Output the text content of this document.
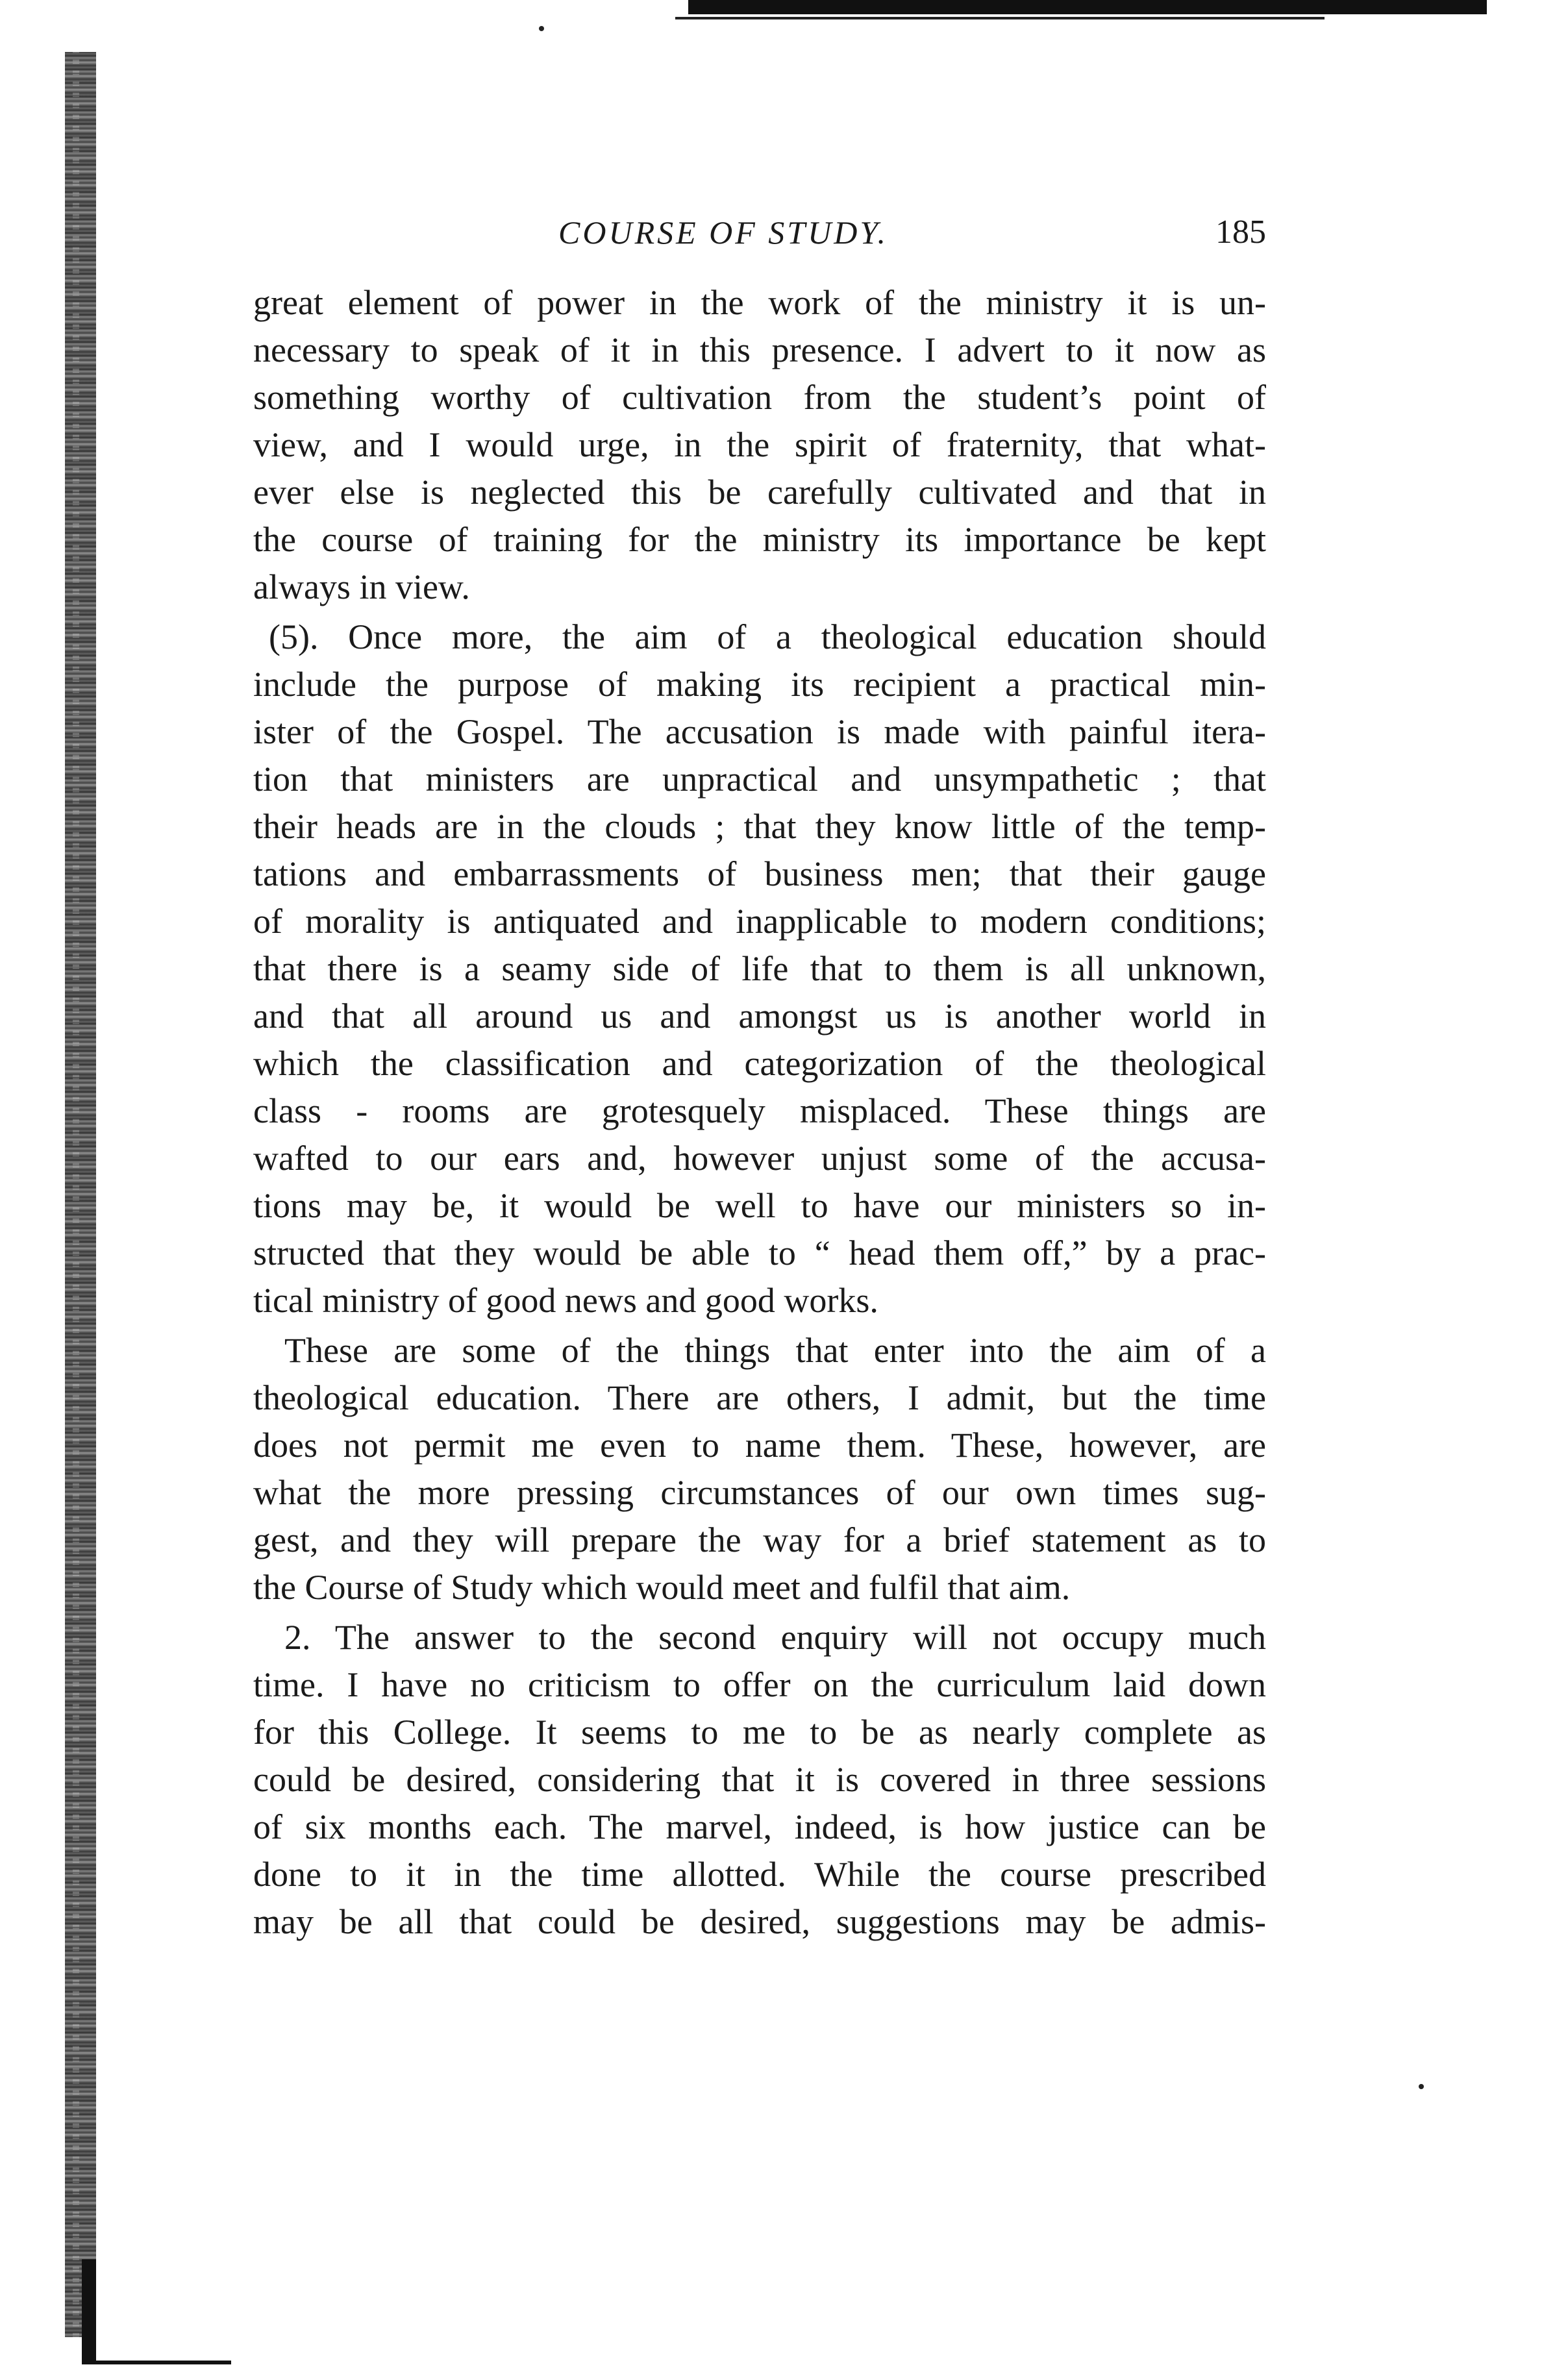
COURSE OF STUDY.	185
great element of power in the work of the ministry it is un-
necessary to speak of it in this presence. I advert to it now as
something worthy of cultivation from the student’s point of
view, and I would urge, in the spirit of fraternity, that what-
ever else is neglected this be carefully cultivated and that in
the course of training for the ministry its importance be kept
always in view.
(5). Once more, the aim of a theological education should
include the purpose of making its recipient a practical min-
ister of the Gospel. The accusation is made with painful itera-
tion that ministers are unpractical and unsympathetic ; that
their heads are in the clouds ; that they know little of the temp-
tations and embarrassments of business men; that their gauge
of morality is antiquated and inapplicable to modern conditions;
that there is a seamy side of life that to them is all unknown,
and that all around us and amongst us is another world in
which the classification and categorization of the theological
class - rooms are grotesquely misplaced. These things are
wafted to our ears and, however unjust some of the accusa-
tions may be, it would be well to have our ministers so in-
structed that they would be able to “ head them off,” by a prac-
tical ministry of good news and good works.
These are some of the things that enter into the aim of a
theological education. There are others, I admit, but the time
does not permit me even to name them. These, however, are
what the more pressing circumstances of our own times sug-
gest, and they will prepare the way for a brief statement as to
the Course of Study which would meet and fulfil that aim.
2. The answer to the second enquiry will not occupy much
time. I have no criticism to offer on the curriculum laid down
for this College. It seems to me to be as nearly complete as
could be desired, considering that it is covered in three sessions
of six months each. The marvel, indeed, is how justice can be
done to it in the time allotted. While the course prescribed
may be all that could be desired, suggestions may be admis-
